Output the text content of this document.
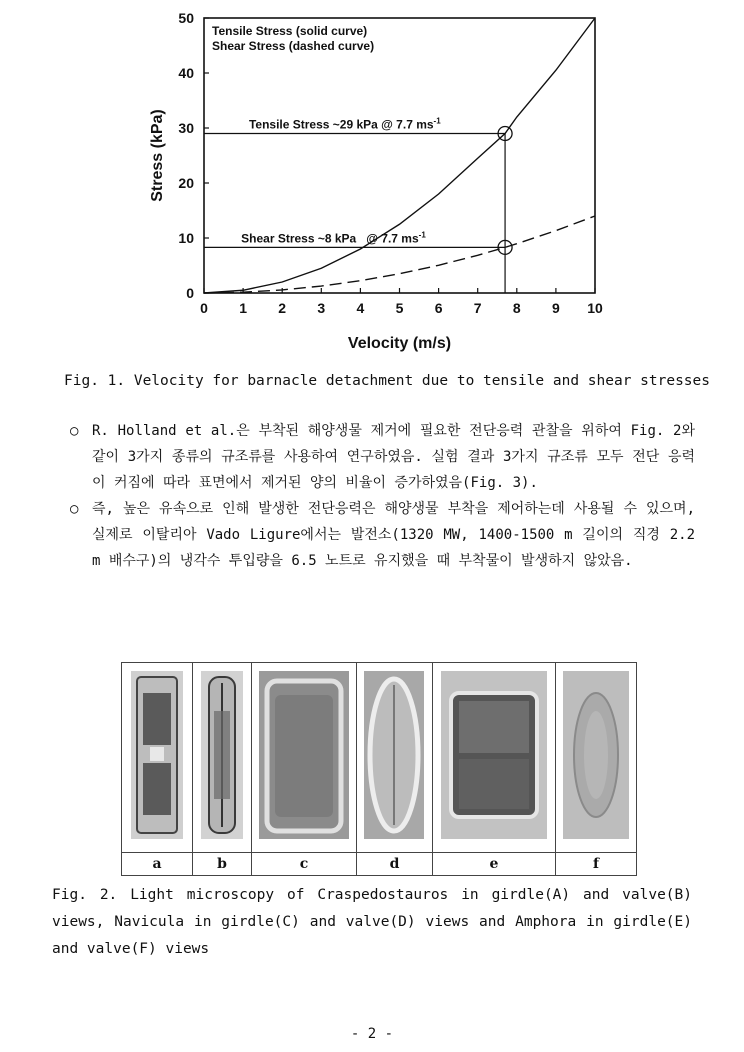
0 1 2 3 4 5 6 7 8 9 10
0
10
20
30
40
50
Velocity (m/s)
Stress (kPa)
Tensile Stress (solid curve)
Shear Stress (dashed curve)
Tensile Stress ~29 kPa @ 7.7 $ms^{-1}$
Shear Stress ~8 kPa @ 7.7 $ms^{-1}$
Fig. 1. Velocity for barnacle detachment due to tensile and shear stresses
○ R. Holland et al.은 부착된 해양생물 제거에 필요한 전단응력 관찰을 위하여 Fig. 2와 같이 3가지 종류의 규조류를 사용하여 연구하였음. 실험 결과 3가지 규조류 모두 전단 응력이 커짐에 따라 표면에서 제거된 양의 비율이 증가하였음(Fig. 3).
○ 즉, 높은 유속으로 인해 발생한 전단응력은 해양생물 부착을 제어하는데 사용될 수 있으며, 실제로 이탈리아 Vado Ligure에서는 발전소(1320 MW, 1400-1500 m 길이의 직경 2.2 m 배수구)의 냉각수 투입량을 6.5 노트로 유지했을 때 부착물이 발생하지 않았음.
a	b	c	d	e	f
Fig. 2. Light microscopy of Craspedostauros in girdle(A) and valve(B) views, Navicula in girdle(C) and valve(D) views and Amphora in girdle(E) and valve(F) views
- 2 -
